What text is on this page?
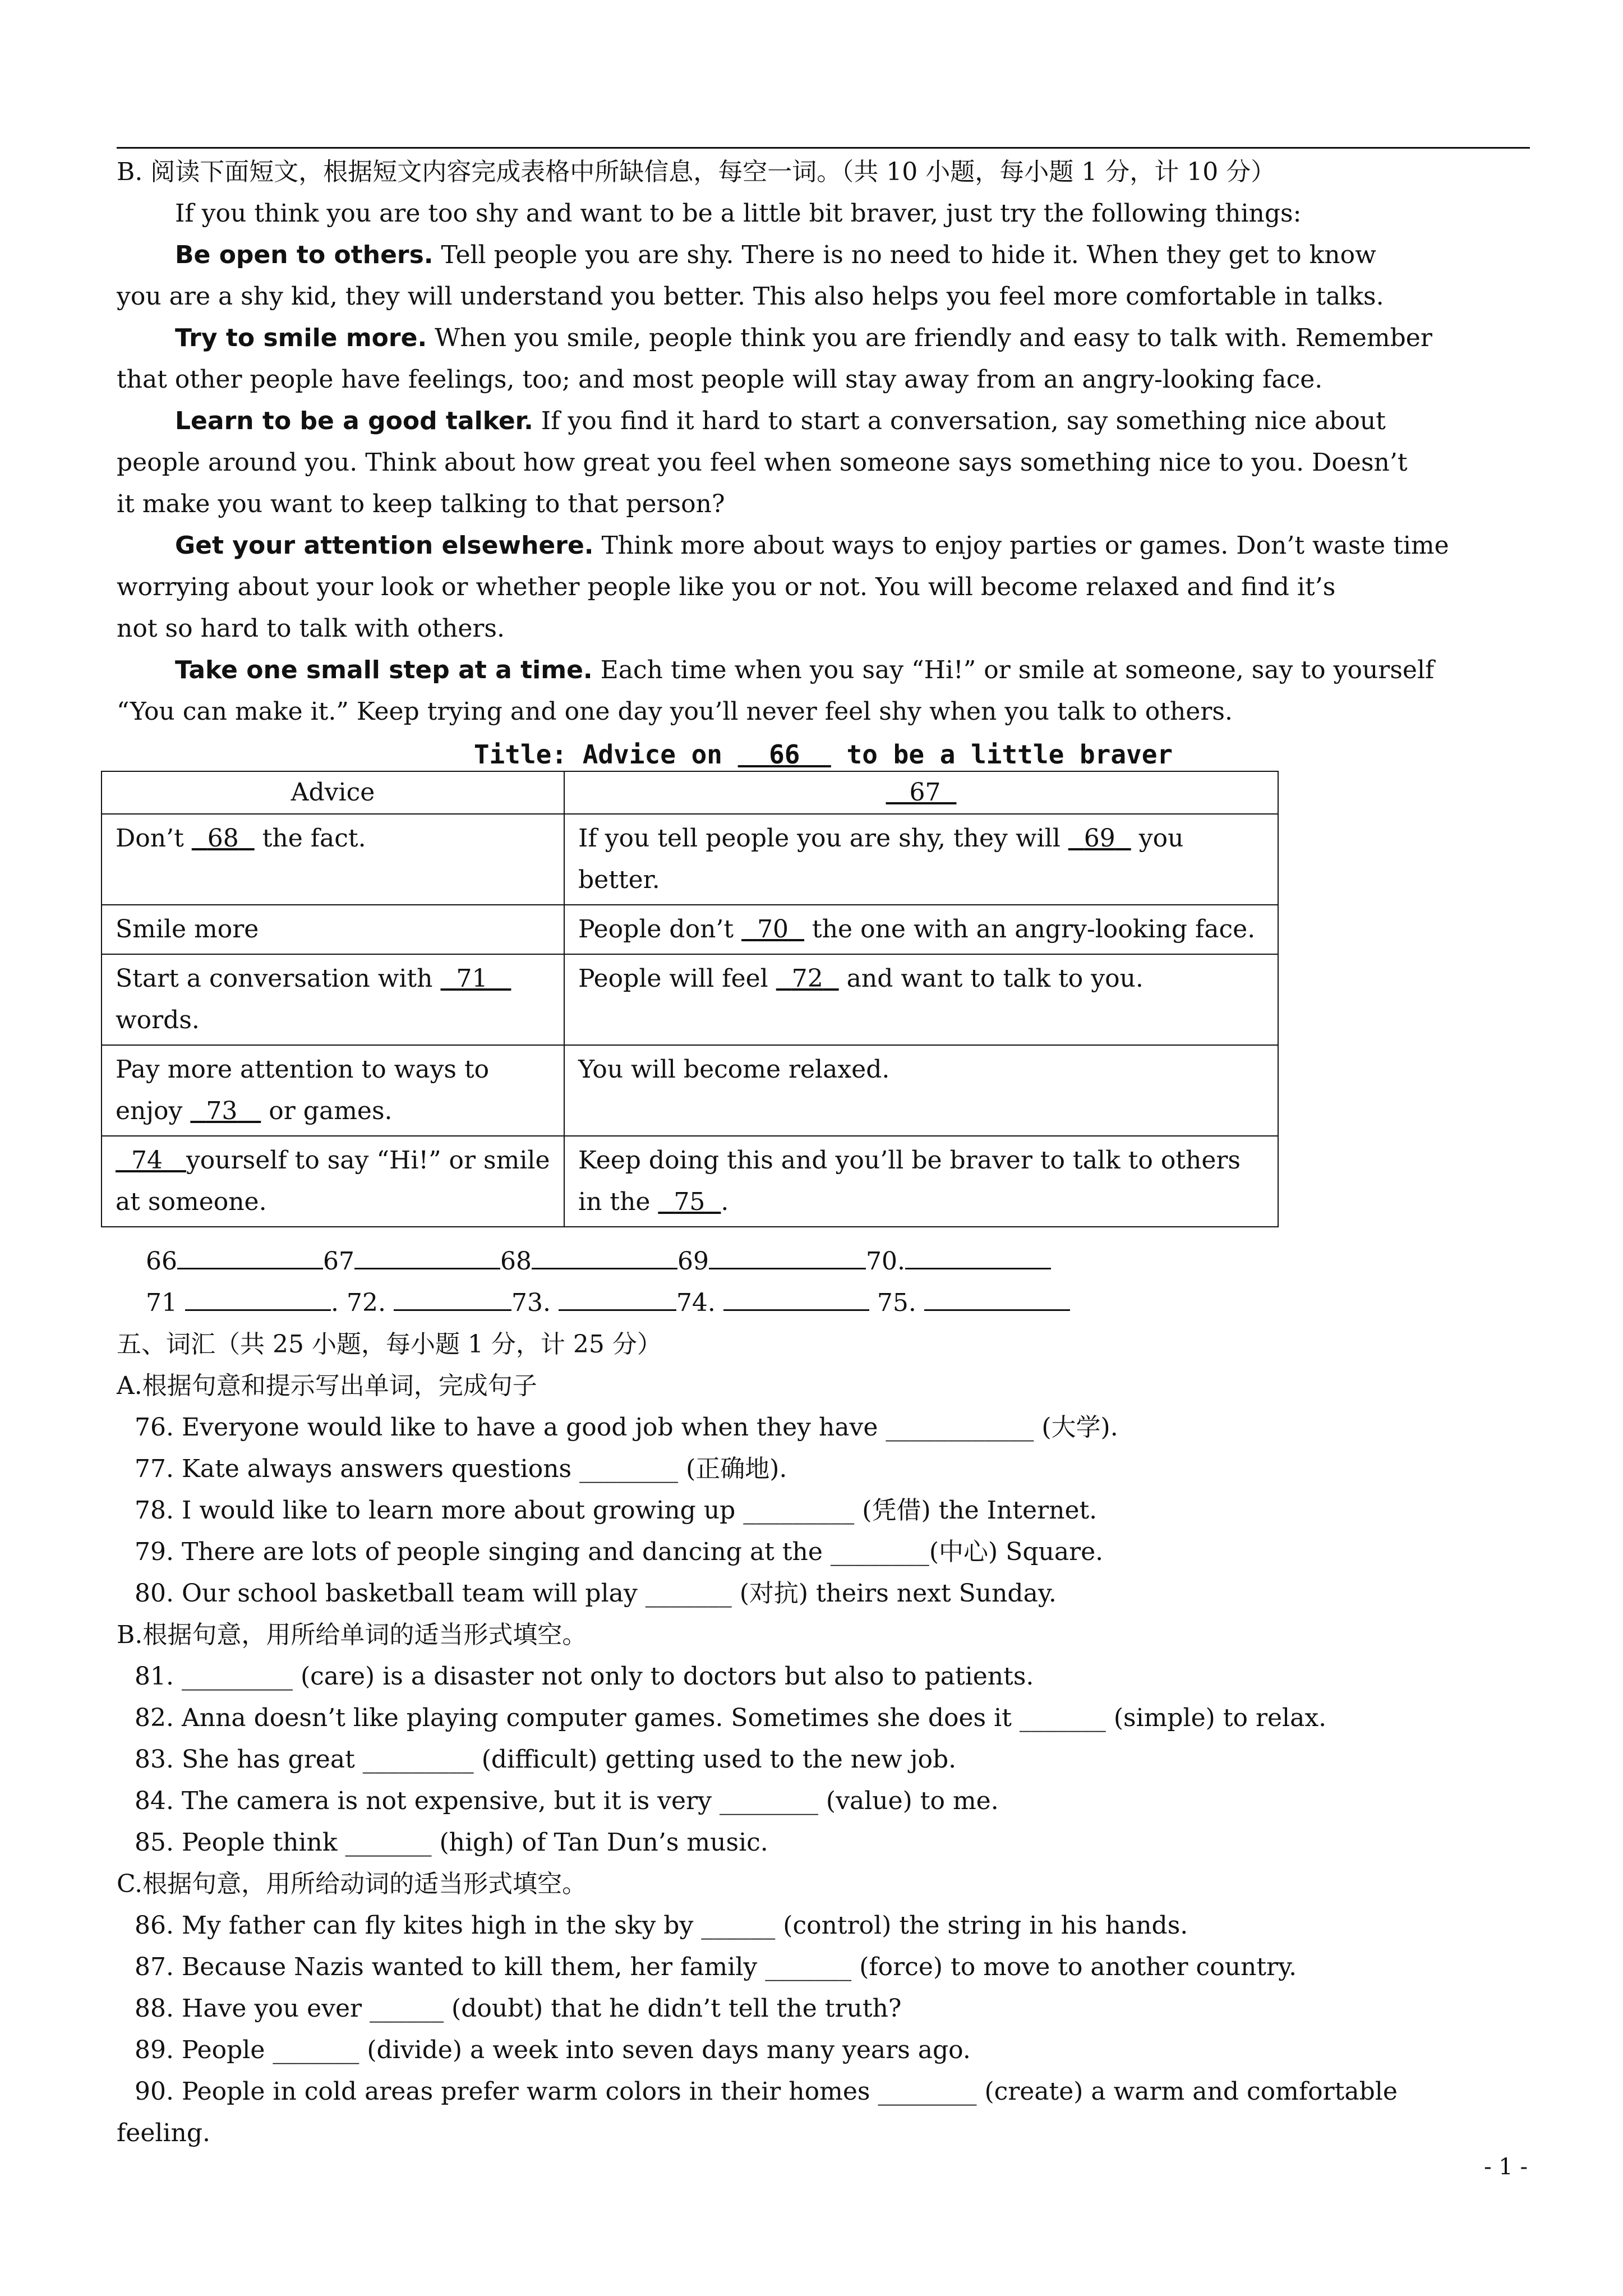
B. 阅读下面短文，根据短文内容完成表格中所缺信息，每空一词。（共 10 小题，每小题 1 分，计 10 分）
If you think you are too shy and want to be a little bit braver, just try the following things:
Be open to others. Tell people you are shy. There is no need to hide it. When they get to know
you are a shy kid, they will understand you better. This also helps you feel more comfortable in talks.
Try to smile more. When you smile, people think you are friendly and easy to talk with. Remember
that other people have feelings, too; and most people will stay away from an angry-looking face.
Learn to be a good talker. If you find it hard to start a conversation, say something nice about
people around you. Think about how great you feel when someone says something nice to you. Doesn’t
it make you want to keep talking to that person?
Get your attention elsewhere. Think more about ways to enjoy parties or games. Don’t waste time
worrying about your look or whether people like you or not. You will become relaxed and find it’s
not so hard to talk with others.
Take one small step at a time. Each time when you say “Hi!” or smile at someone, say to yourself
“You can make it.” Keep trying and one day you’ll never feel shy when you talk to others.
Title: Advice on   66   to be a little braver
Advice	67
Don’t   68   the fact.	If you tell people you are shy, they will   69   you better.
Smile more	People don’t   70   the one with an angry-looking face.
Start a conversation with   71    words.	People will feel   72   and want to talk to you.
Pay more attention to ways to enjoy   73    or games.	You will become relaxed.
74 yourself to say “Hi!” or smile at someone.	Keep doing this and you’ll be braver to talk to others in the   75 .
66	67	68	69	70.
71	. 72.	73.	74.	75.
五、词汇（共 25 小题，每小题 1 分，计 25 分）
A.根据句意和提示写出单词，完成句子
76. Everyone would like to have a good job when they have ____________ (大学).
77. Kate always answers questions ________ (正确地).
78. I would like to learn more about growing up _________ (凭借) the Internet.
79. There are lots of people singing and dancing at the ________(中心) Square.
80. Our school basketball team will play _______ (对抗) theirs next Sunday.
B.根据句意，用所给单词的适当形式填空。
81. _________ (care) is a disaster not only to doctors but also to patients.
82. Anna doesn’t like playing computer games. Sometimes she does it _______ (simple) to relax.
83. She has great _________ (difficult) getting used to the new job.
84. The camera is not expensive, but it is very ________ (value) to me.
85. People think _______ (high) of Tan Dun’s music.
C.根据句意，用所给动词的适当形式填空。
86. My father can fly kites high in the sky by ______ (control) the string in his hands.
87. Because Nazis wanted to kill them, her family _______ (force) to move to another country.
88. Have you ever ______ (doubt) that he didn’t tell the truth?
89. People _______ (divide) a week into seven days many years ago.
90. People in cold areas prefer warm colors in their homes ________ (create) a warm and comfortable
feeling.
- 1 -
